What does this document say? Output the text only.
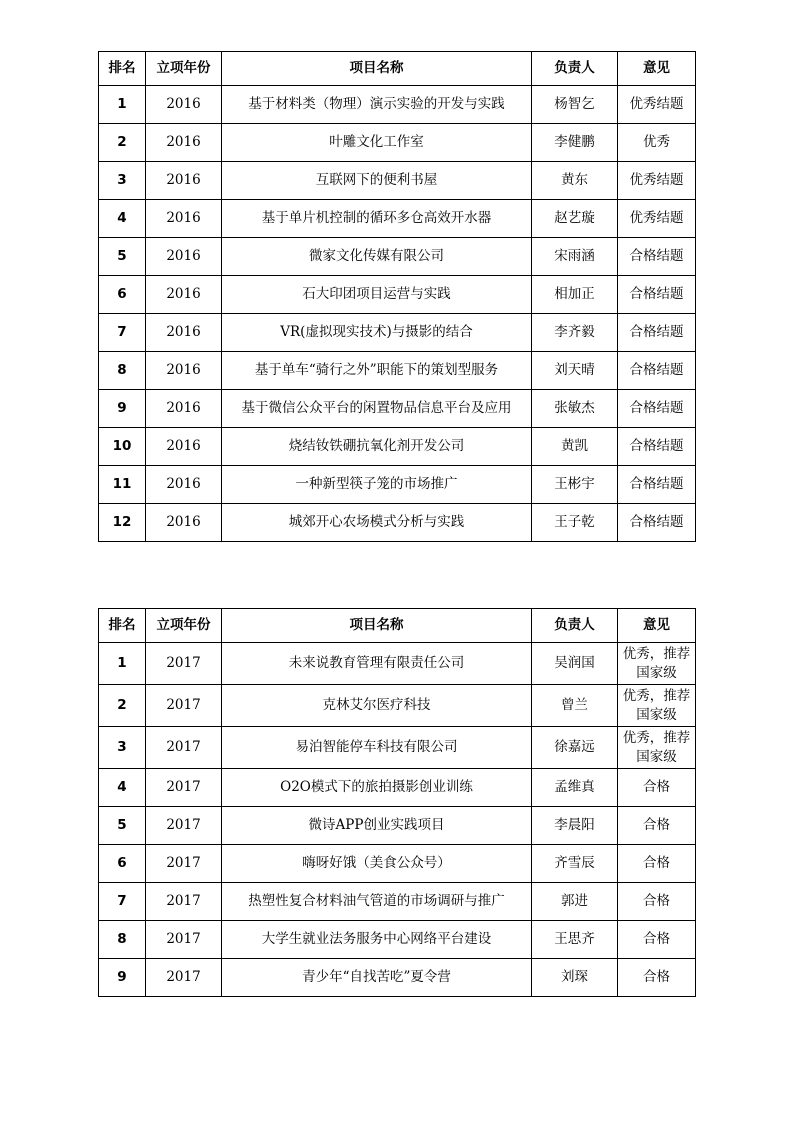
排名	立项年份	项目名称	负责人	意见
1	2016	基于材料类（物理）演示实验的开发与实践	杨智乞	优秀结题
2	2016	叶雕文化工作室	李健鹏	优秀
3	2016	互联网下的便利书屋	黄东	优秀结题
4	2016	基于单片机控制的循环多仓高效开水器	赵艺璇	优秀结题
5	2016	微家文化传媒有限公司	宋雨涵	合格结题
6	2016	石大印团项目运营与实践	相加正	合格结题
7	2016	VR(虚拟现实技术)与摄影的结合	李齐毅	合格结题
8	2016	基于单车“骑行之外”职能下的策划型服务	刘天晴	合格结题
9	2016	基于微信公众平台的闲置物品信息平台及应用	张敏杰	合格结题
10	2016	烧结钕铁硼抗氧化剂开发公司	黄凯	合格结题
11	2016	一种新型筷子笼的市场推广	王彬宇	合格结题
12	2016	城郊开心农场模式分析与实践	王子乾	合格结题
排名	立项年份	项目名称	负责人	意见
1	2017	未来说教育管理有限责任公司	吴润国	优秀，推荐国家级
2	2017	克林艾尔医疗科技	曾兰	优秀，推荐国家级
3	2017	易泊智能停车科技有限公司	徐嘉远	优秀，推荐国家级
4	2017	O2O模式下的旅拍摄影创业训练	孟维真	合格
5	2017	微诗APP创业实践项目	李晨阳	合格
6	2017	嗨呀好饿（美食公众号）	齐雪辰	合格
7	2017	热塑性复合材料油气管道的市场调研与推广	郭进	合格
8	2017	大学生就业法务服务中心网络平台建设	王思齐	合格
9	2017	青少年“自找苦吃”夏令营	刘琛	合格
